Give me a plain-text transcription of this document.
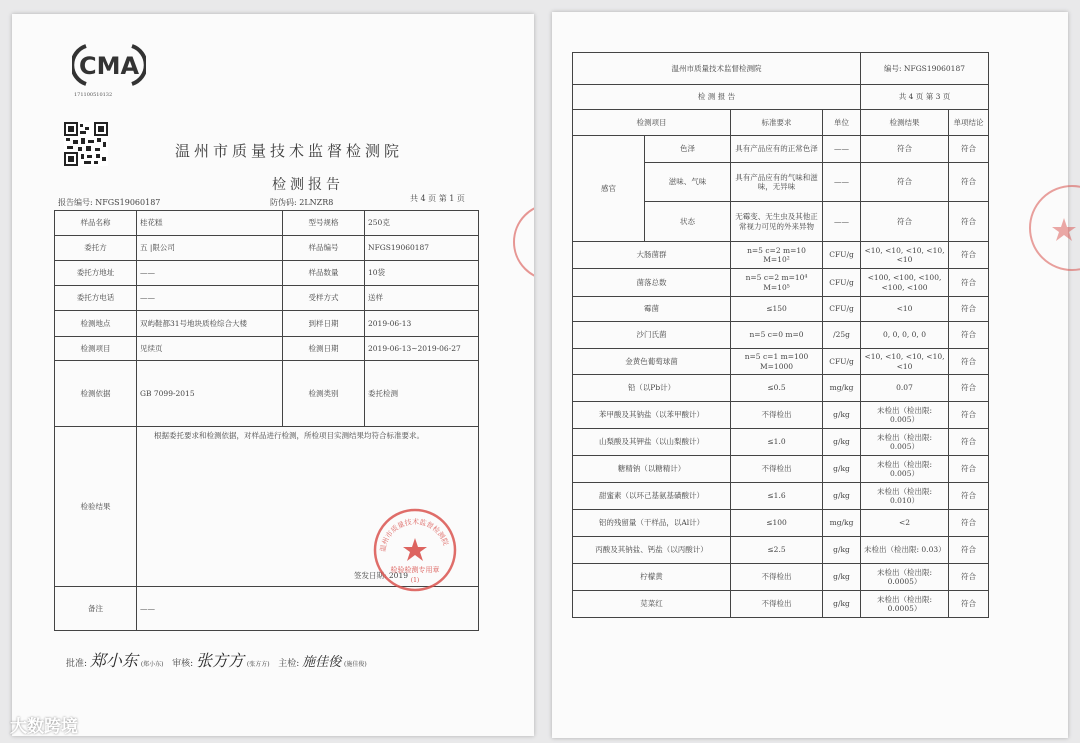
CMA
171100510132
温州市质量技术监督检测院
检测报告
报告编号: NFGS19060187	防伪码: 2LNZR8	共 4 页 第 1 页
样品名称	桂花糕	型号规格	250克
委托方	五 |限公司	样品编号	NFGS19060187
委托方地址	——	样品数量	10袋
委托方电话	——	受样方式	送样
检测地点	双屿鞋都31号地块质检综合大楼	到样日期	2019-06-13
检测项目	见续页	检测日期	2019-06-13~2019-06-27
检测依据	GB 7099-2015	检测类别	委托检测
检验结果	根据委托要求和检测依据，对样品进行检测，所检项目实测结果均符合标准要求。
签发日期: 2019		

备注	——		
批准: 郑小东 (郑小东) 审核: 张方方 (张方方) 主检: 施佳俊 (施佳俊)
温州市质量技术监督检测院
检验检测专用章
(1)
温州市质量技术监督检测院				编号: NFGS19060187	
检 测 报 告				共 4 页 第 3 页	
检测项目		标准要求	单位	检测结果	单项结论
感官	色泽	具有产品应有的正常色泽	——	符合	符合
	滋味、气味	具有产品应有的气味和滋味，无异味	——	符合	符合
	状态	无霉变、无生虫及其他正常视力可见的外来异物	——	符合	符合
大肠菌群		n=5 c=2 m=10 M=10²	CFU/g	<10, <10, <10, <10, <10	符合
菌落总数		n=5 c=2 m=10⁴ M=10⁵	CFU/g	<100, <100, <100, <100, <100	符合
霉菌		≤150	CFU/g	<10	符合
沙门氏菌		n=5 c=0 m=0	/25g	0, 0, 0, 0, 0	符合
金黄色葡萄球菌		n=5 c=1 m=100 M=1000	CFU/g	<10, <10, <10, <10, <10	符合
铅（以Pb计）		≤0.5	mg/kg	0.07	符合
苯甲酸及其钠盐（以苯甲酸计）		不得检出	g/kg	未检出（检出限: 0.005）	符合
山梨酸及其钾盐（以山梨酸计）		≤1.0	g/kg	未检出（检出限: 0.005）	符合
糖精钠（以糖精计）		不得检出	g/kg	未检出（检出限: 0.005）	符合
甜蜜素（以环己基氨基磺酸计）		≤1.6	g/kg	未检出（检出限: 0.010）	符合
铝的残留量（干样品，以Al计）		≤100	mg/kg	<2	符合
丙酸及其钠盐、钙盐（以丙酸计）		≤2.5	g/kg	未检出（检出限: 0.03）	符合
柠檬黄		不得检出	g/kg	未检出（检出限: 0.0005）	符合
苋菜红		不得检出	g/kg	未检出（检出限: 0.0005）	符合
大数跨境
